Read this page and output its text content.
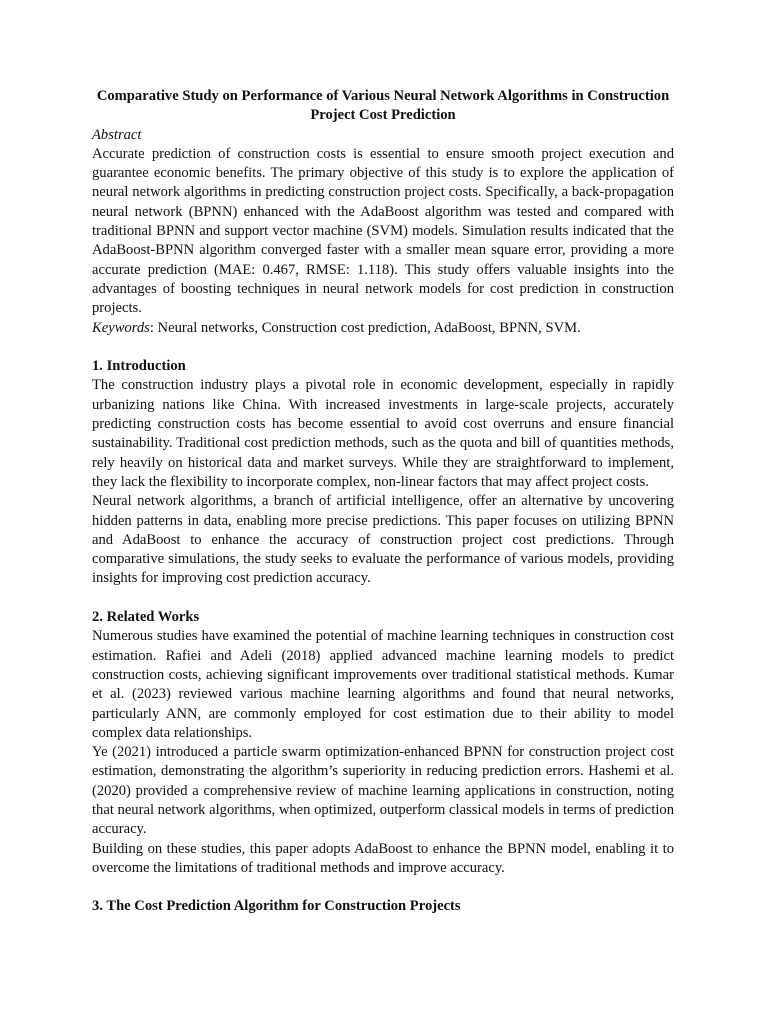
Comparative Study on Performance of Various Neural Network Algorithms in Construction Project Cost Prediction
Abstract

Accurate prediction of construction costs is essential to ensure smooth project execution and guarantee economic benefits. The primary objective of this study is to explore the application of neural network algorithms in predicting construction project costs. Specifically, a back-propagation neural network (BPNN) enhanced with the AdaBoost algorithm was tested and compared with traditional BPNN and support vector machine (SVM) models. Simulation results indicated that the AdaBoost-BPNN algorithm converged faster with a smaller mean square error, providing a more accurate prediction (MAE: 0.467, RMSE: 1.118). This study offers valuable insights into the advantages of boosting techniques in neural network models for cost prediction in construction projects.

Keywords: Neural networks, Construction cost prediction, AdaBoost, BPNN, SVM.

1. Introduction

The construction industry plays a pivotal role in economic development, especially in rapidly urbanizing nations like China. With increased investments in large-scale projects, accurately predicting construction costs has become essential to avoid cost overruns and ensure financial sustainability. Traditional cost prediction methods, such as the quota and bill of quantities methods, rely heavily on historical data and market surveys. While they are straightforward to implement, they lack the flexibility to incorporate complex, non-linear factors that may affect project costs.

Neural network algorithms, a branch of artificial intelligence, offer an alternative by uncovering hidden patterns in data, enabling more precise predictions. This paper focuses on utilizing BPNN and AdaBoost to enhance the accuracy of construction project cost predictions. Through comparative simulations, the study seeks to evaluate the performance of various models, providing insights for improving cost prediction accuracy.

2. Related Works

Numerous studies have examined the potential of machine learning techniques in construction cost estimation. Rafiei and Adeli (2018) applied advanced machine learning models to predict construction costs, achieving significant improvements over traditional statistical methods. Kumar et al. (2023) reviewed various machine learning algorithms and found that neural networks, particularly ANN, are commonly employed for cost estimation due to their ability to model complex data relationships.

Ye (2021) introduced a particle swarm optimization-enhanced BPNN for construction project cost estimation, demonstrating the algorithm’s superiority in reducing prediction errors. Hashemi et al. (2020) provided a comprehensive review of machine learning applications in construction, noting that neural network algorithms, when optimized, outperform classical models in terms of prediction accuracy.

Building on these studies, this paper adopts AdaBoost to enhance the BPNN model, enabling it to overcome the limitations of traditional methods and improve accuracy.

3. The Cost Prediction Algorithm for Construction Projects
